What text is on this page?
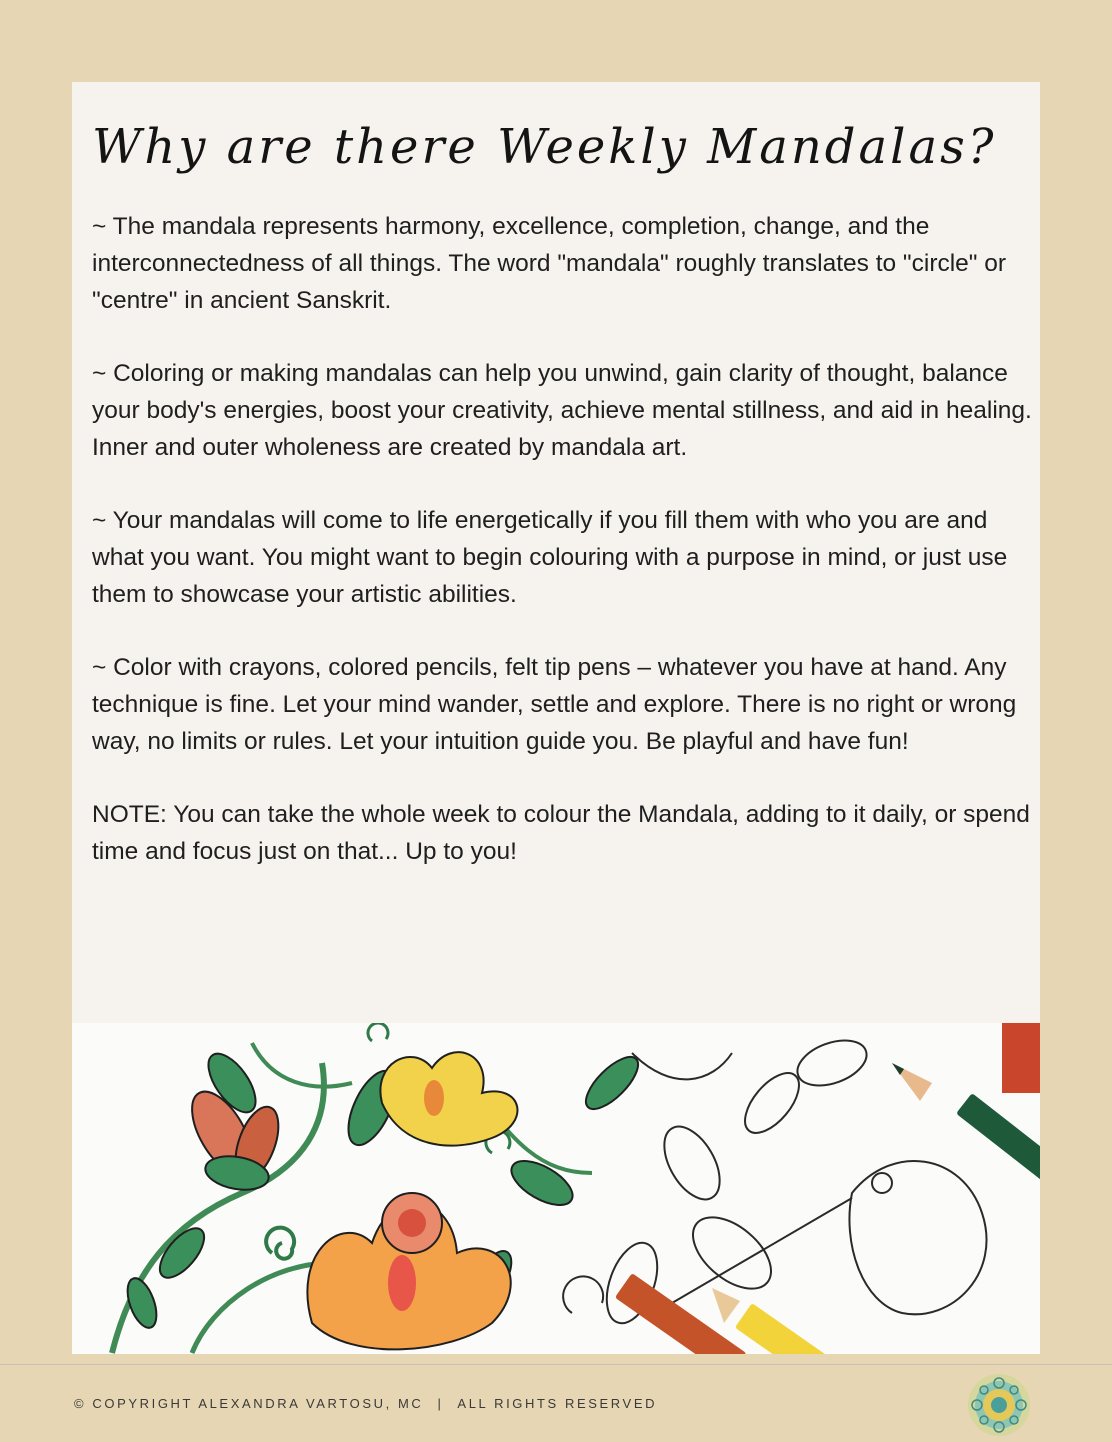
Why are there Weekly Mandalas?

~ The mandala represents harmony, excellence, completion, change, and the interconnectedness of all things. The word "mandala" roughly translates to "circle" or "centre" in ancient Sanskrit.

~ Coloring or making mandalas can help you unwind, gain clarity of thought, balance your body's energies, boost your creativity, achieve mental stillness, and aid in healing. Inner and outer wholeness are created by mandala art.

~ Your mandalas will come to life energetically if you fill them with who you are and what you want. You might want to begin colouring with a purpose in mind, or just use them to showcase your artistic abilities.

~ Color with crayons, colored pencils, felt tip pens – whatever you have at hand. Any technique is fine. Let your mind wander, settle and explore. There is no right or wrong way, no limits or rules. Let your intuition guide you. Be playful and have fun!

NOTE: You can take the whole week to colour the Mandala, adding to it daily, or spend time and focus just on that... Up to you!

© COPYRIGHT ALEXANDRA VARTOSU, MC | ALL RIGHTS RESERVED
